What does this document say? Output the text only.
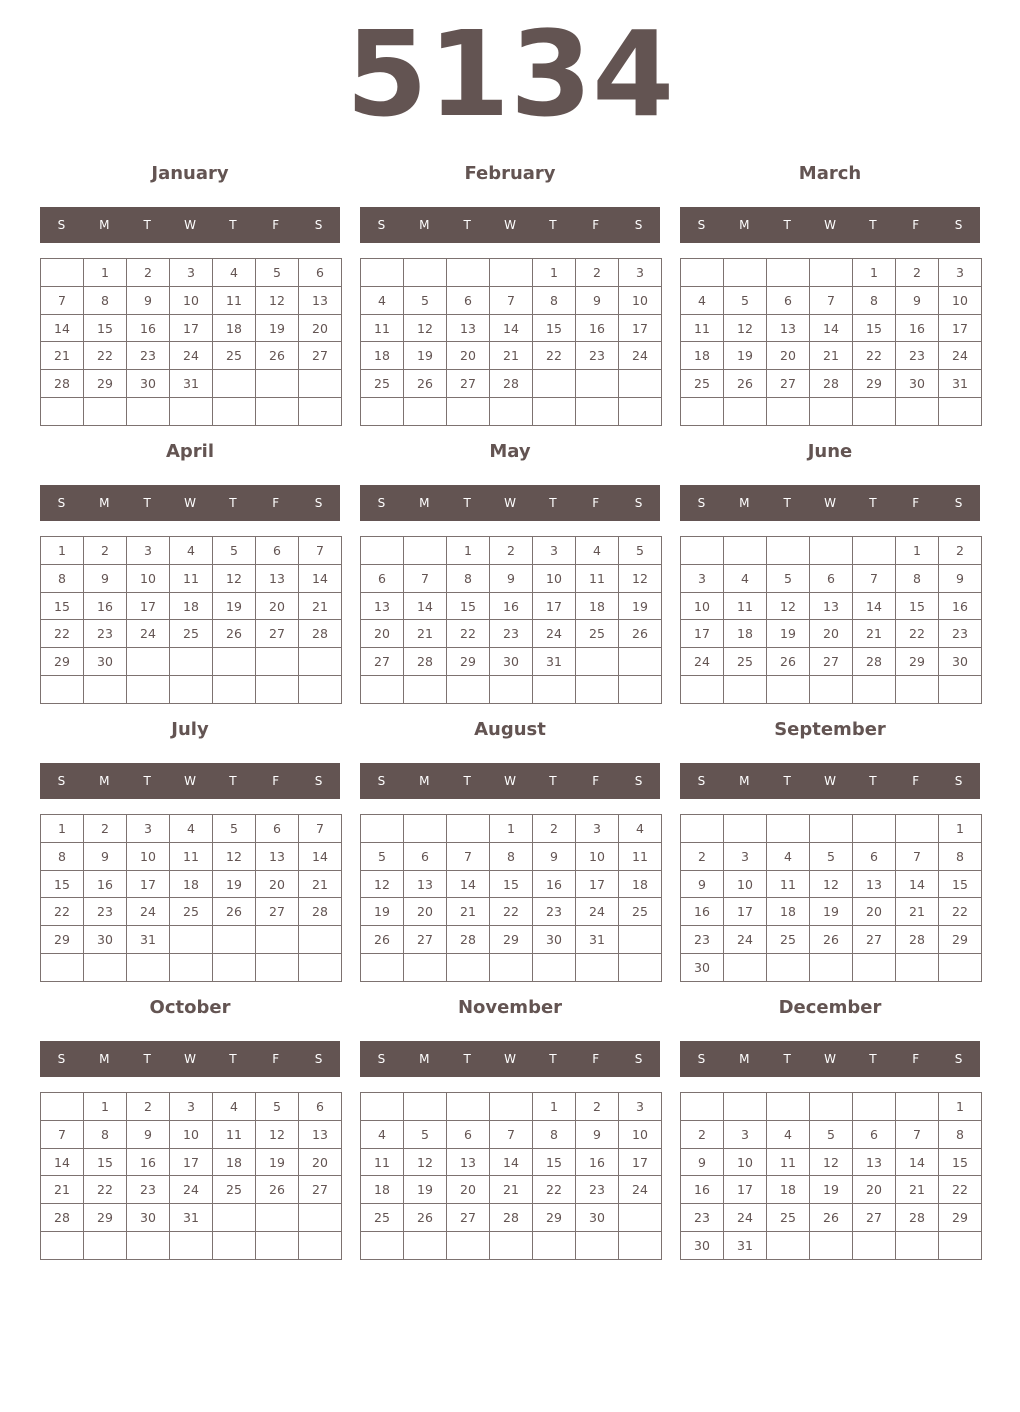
5134
January
S	M	T	W	T	F	S
	1	2	3	4	5	6
7	8	9	10	11	12	13
14	15	16	17	18	19	20
21	22	23	24	25	26	27
28	29	30	31			

February
S	M	T	W	T	F	S
				1	2	3
4	5	6	7	8	9	10
11	12	13	14	15	16	17
18	19	20	21	22	23	24
25	26	27	28			

March
S	M	T	W	T	F	S
				1	2	3
4	5	6	7	8	9	10
11	12	13	14	15	16	17
18	19	20	21	22	23	24
25	26	27	28	29	30	31

April
S	M	T	W	T	F	S
1	2	3	4	5	6	7
8	9	10	11	12	13	14
15	16	17	18	19	20	21
22	23	24	25	26	27	28
29	30					

May
S	M	T	W	T	F	S
		1	2	3	4	5
6	7	8	9	10	11	12
13	14	15	16	17	18	19
20	21	22	23	24	25	26
27	28	29	30	31		

June
S	M	T	W	T	F	S
					1	2
3	4	5	6	7	8	9
10	11	12	13	14	15	16
17	18	19	20	21	22	23
24	25	26	27	28	29	30

July
S	M	T	W	T	F	S
1	2	3	4	5	6	7
8	9	10	11	12	13	14
15	16	17	18	19	20	21
22	23	24	25	26	27	28
29	30	31				

August
S	M	T	W	T	F	S
			1	2	3	4
5	6	7	8	9	10	11
12	13	14	15	16	17	18
19	20	21	22	23	24	25
26	27	28	29	30	31	

September
S	M	T	W	T	F	S
						1
2	3	4	5	6	7	8
9	10	11	12	13	14	15
16	17	18	19	20	21	22
23	24	25	26	27	28	29
30						
October
S	M	T	W	T	F	S
	1	2	3	4	5	6
7	8	9	10	11	12	13
14	15	16	17	18	19	20
21	22	23	24	25	26	27
28	29	30	31			

November
S	M	T	W	T	F	S
				1	2	3
4	5	6	7	8	9	10
11	12	13	14	15	16	17
18	19	20	21	22	23	24
25	26	27	28	29	30	

December
S	M	T	W	T	F	S
						1
2	3	4	5	6	7	8
9	10	11	12	13	14	15
16	17	18	19	20	21	22
23	24	25	26	27	28	29
30	31					
